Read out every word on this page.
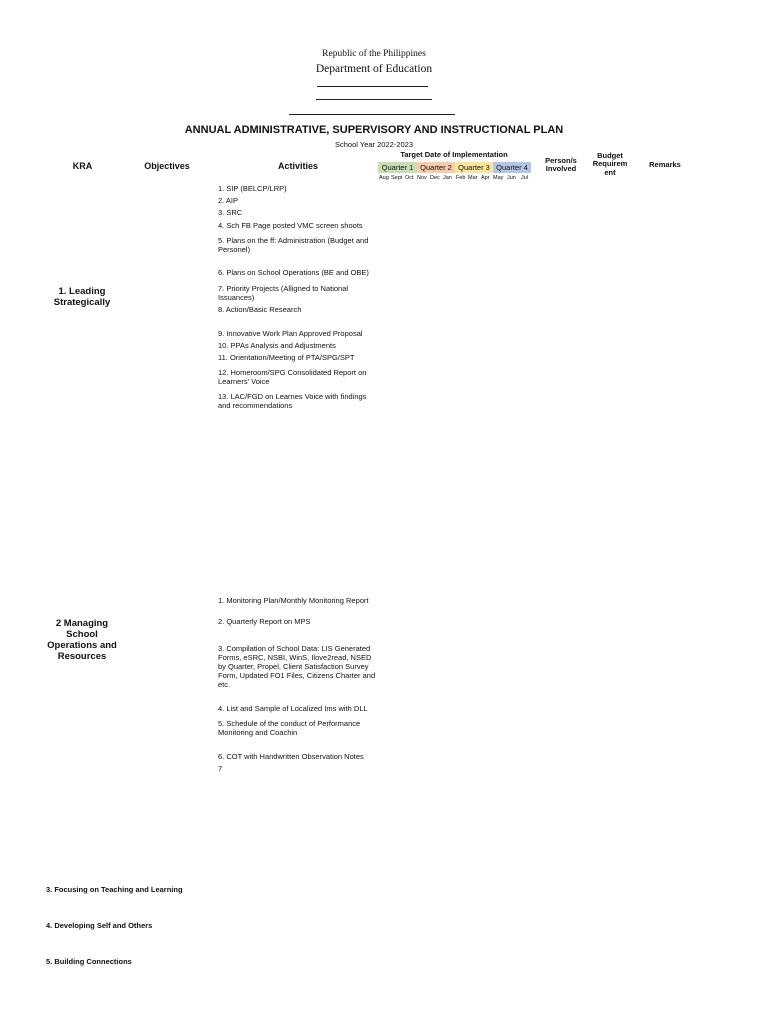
Republic of the Philippines
Department of Education
ANNUAL ADMINISTRATIVE, SUPERVISORY AND INSTRUCTIONAL PLAN
School Year 2022-2023
KRA	Objectives	Activities
Target Date of Implementation
Quarter 1 Quarter 2 Quarter 3 Quarter 4
Aug Sept Oct Nov Dec Jan Feb Mar Apr May Jun Jul
Person/s Involved
Budget Requirem ent
Remarks
1. Leading Strategically
1. SIP (BELCP/LRP)
2. AIP
3. SRC
4. Sch FB Page posted VMC screen shoots
5. Plans on the ff: Administration (Budget and Personel)
6. Plans on School Operations (BE and OBE)
7. Priority Projects (Alligned to National Issuances)
8. Action/Basic Research
9. Innovative Work Plan Approved Proposal
10. PPAs Analysis and Adjustments
11. Orientation/Meeting of PTA/SPG/SPT
12. Homeroom/SPG Consolidated Report on Learners' Voice
13. LAC/FGD on Learnes Voice with findings and recommendations
2 Managing School Operations and Resources
1. Monitoring Plan/Monthly Monitoring Report
2. Quarterly Report on MPS
3. Compilation of School Data: LIS Generated Forms, eSRC, NSBI, WinS, Ilove2read, NSED by Quarter, Propel, Client Satisfaction Survey Form, Updated FO1 Files, Citizens Charter and etc.
4. List and Sample of Localized Ims with DLL
5. Schedule of the conduct of Performance Monitoring and Coachin
6. COT with Handwritten Observation Notes
7
3. Focusing on Teaching and Learning
4. Developing Self and Others
5. Building Connections
